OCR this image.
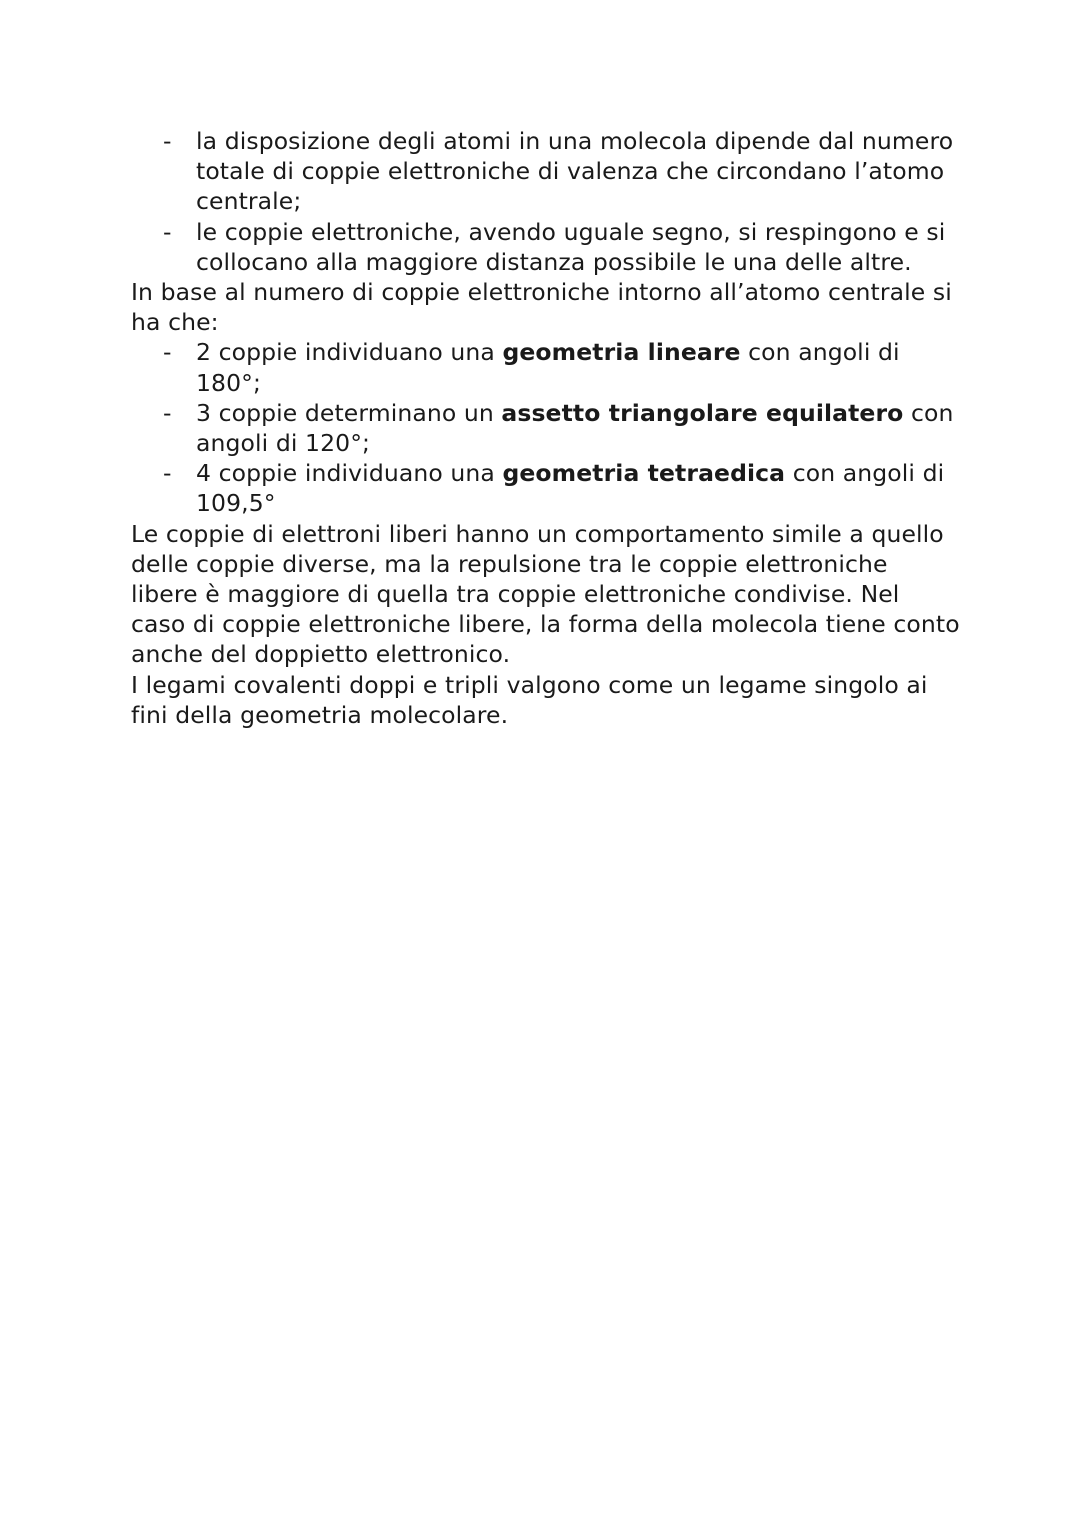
- la disposizione degli atomi in una molecola dipende dal numero totale di coppie elettroniche di valenza che circondano l’atomo centrale;
- le coppie elettroniche, avendo uguale segno, si respingono e si collocano alla maggiore distanza possibile le una delle altre.

In base al numero di coppie elettroniche intorno all’atomo centrale si ha che:

- 2 coppie individuano una geometria lineare con angoli di 180°;
- 3 coppie determinano un assetto triangolare equilatero con angoli di 120°;
- 4 coppie individuano una geometria tetraedica con angoli di 109,5°

Le coppie di elettroni liberi hanno un comportamento simile a quello delle coppie diverse, ma la repulsione tra le coppie elettroniche libere è maggiore di quella tra coppie elettroniche condivise. Nel caso di coppie elettroniche libere, la forma della molecola tiene conto anche del doppietto elettronico.

I legami covalenti doppi e tripli valgono come un legame singolo ai fini della geometria molecolare.
